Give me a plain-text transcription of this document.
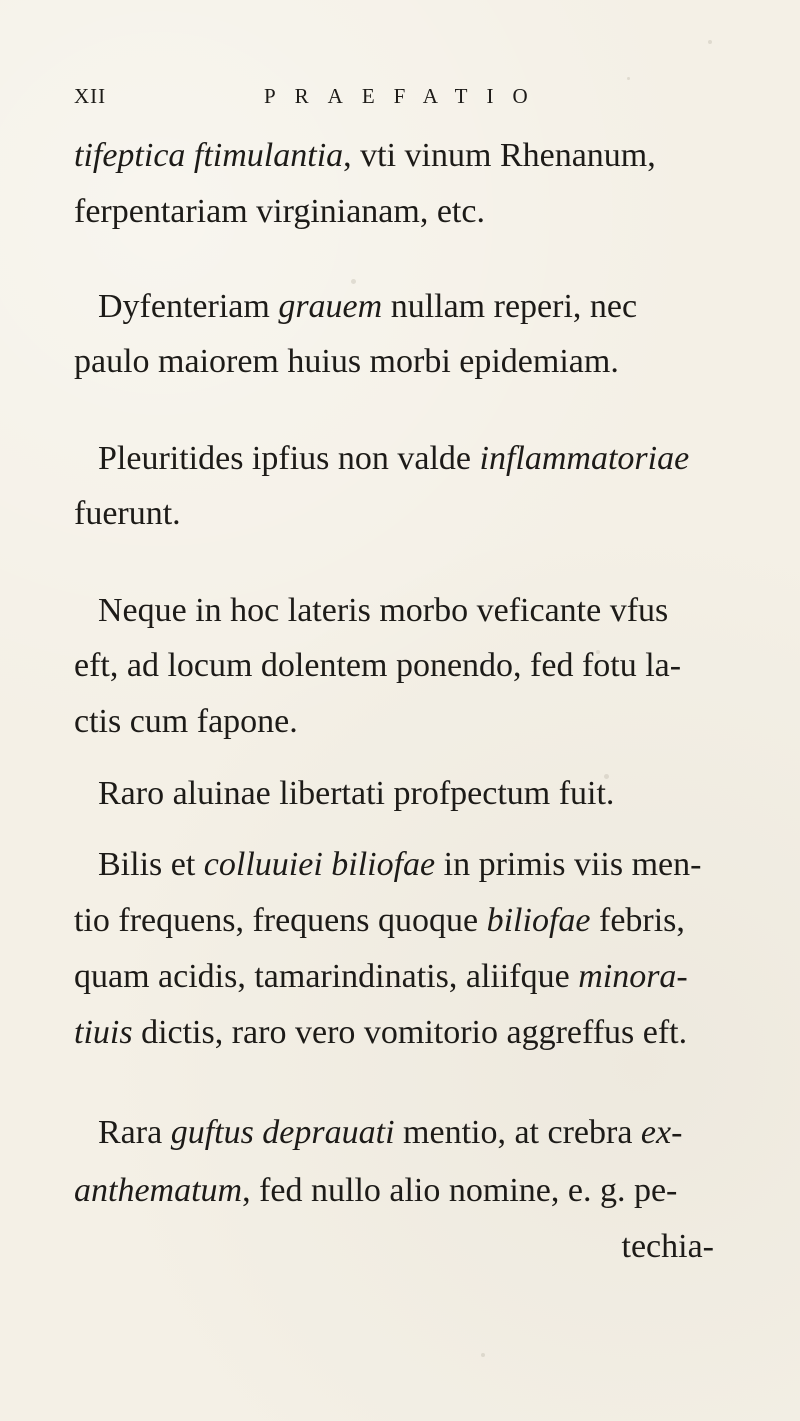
XII	PRAEFATIO
tifeptica ftimulantia, vti vinum Rhenanum,
ferpentariam virginianam, etc.
Dyfenteriam grauem nullam reperi, nec
paulo maiorem huius morbi epidemiam.
Pleuritides ipfius non valde inflammatoriae
fuerunt.
Neque in hoc lateris morbo veficante vfus
eft, ad locum dolentem ponendo, fed fotu la-
ctis cum fapone.
Raro aluinae libertati profpectum fuit.
Bilis et colluuiei biliofae in primis viis men-
tio frequens, frequens quoque biliofae febris,
quam acidis, tamarindinatis, aliifque minora-
tiuis dictis, raro vero vomitorio aggreffus eft.
Rara guftus deprauati mentio, at crebra ex-
anthematum, fed nullo alio nomine, e. g. pe-
techia-
